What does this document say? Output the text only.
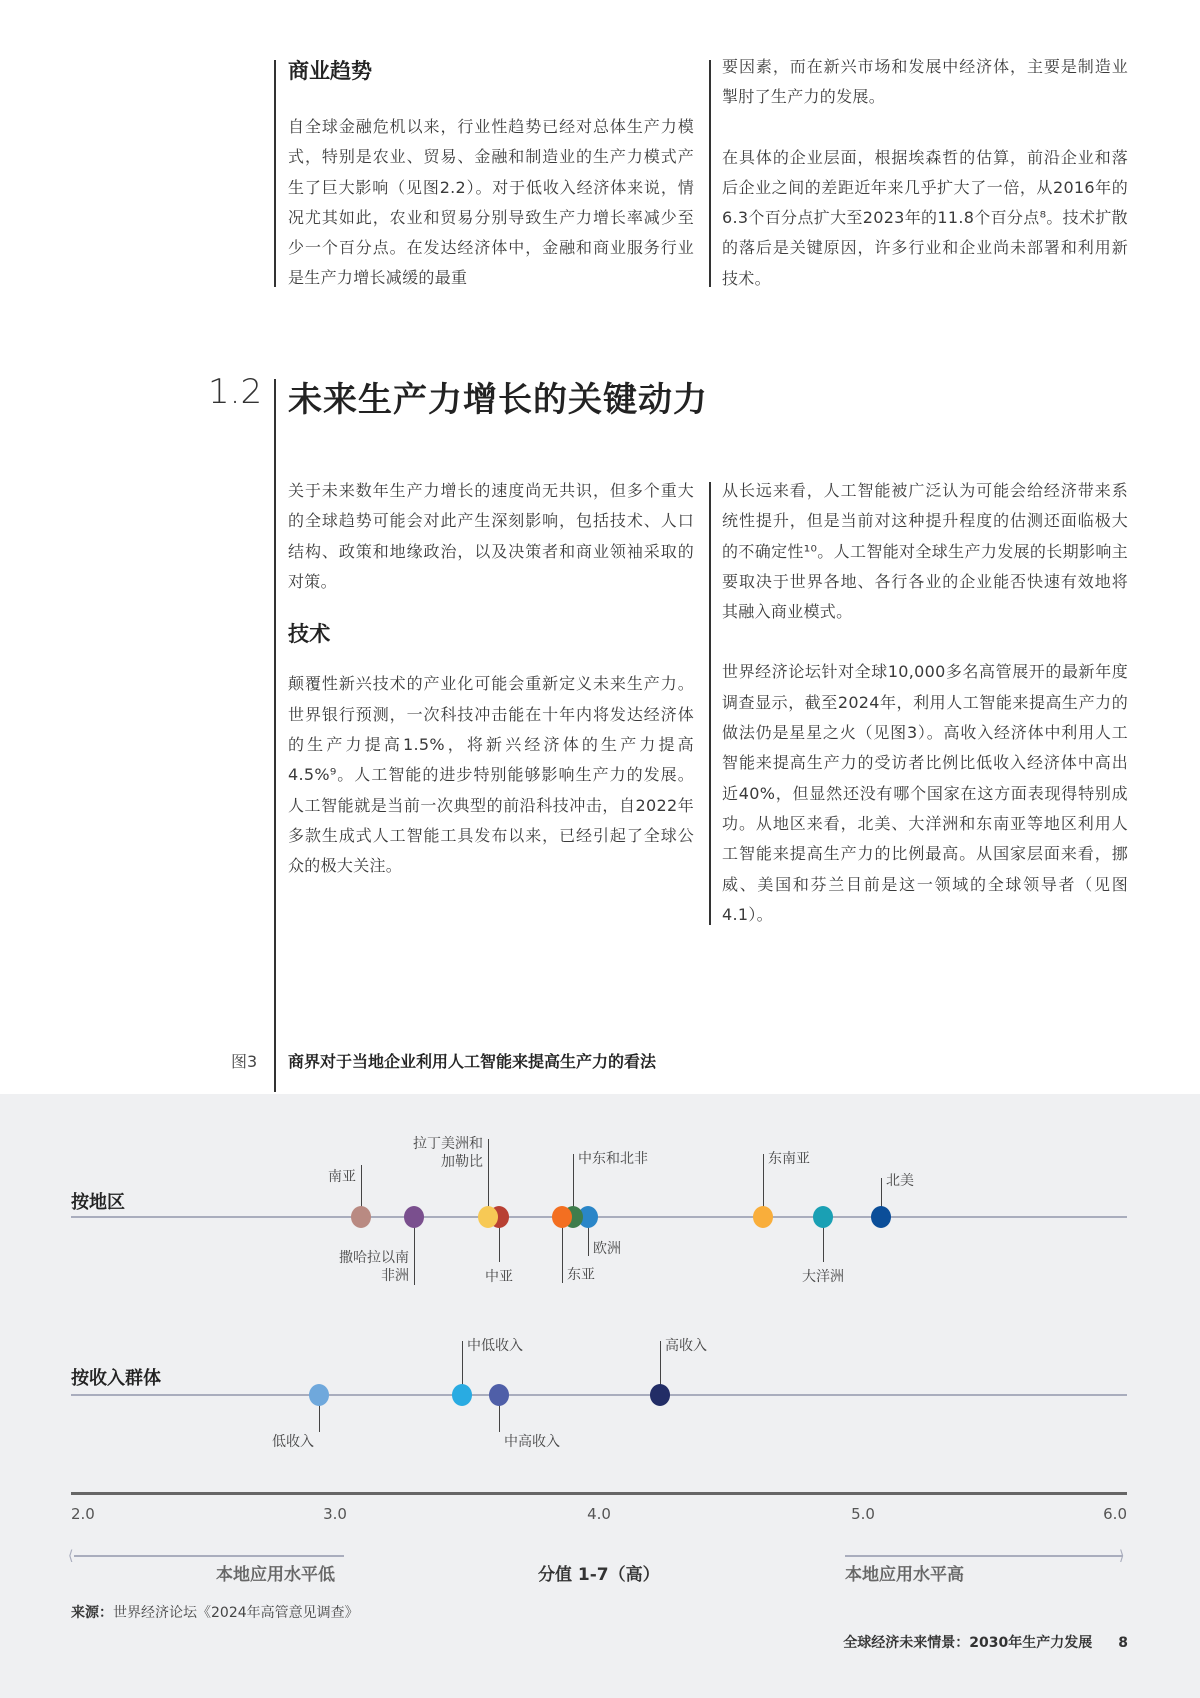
商业趋势

自全球金融危机以来，行业性趋势已经对总体生产力模式，特别是农业、贸易、金融和制造业的生产力模式产生了巨大影响（见图2.2）。对于低收入经济体来说，情况尤其如此，农业和贸易分别导致生产力增长率减少至少一个百分点。在发达经济体中，金融和商业服务行业是生产力增长减缓的最重

要因素，而在新兴市场和发展中经济体，主要是制造业掣肘了生产力的发展。

在具体的企业层面，根据埃森哲的估算，前沿企业和落后企业之间的差距近年来几乎扩大了一倍，从2016年的6.3个百分点扩大至2023年的11.8个百分点⁸。技术扩散的落后是关键原因，许多行业和企业尚未部署和利用新技术。

1.2 未来生产力增长的关键动力

关于未来数年生产力增长的速度尚无共识，但多个重大的全球趋势可能会对此产生深刻影响，包括技术、人口结构、政策和地缘政治，以及决策者和商业领袖采取的对策。

技术

颠覆性新兴技术的产业化可能会重新定义未来生产力。世界银行预测，一次科技冲击能在十年内将发达经济体的生产力提高1.5%，将新兴经济体的生产力提高4.5%⁹。人工智能的进步特别能够影响生产力的发展。人工智能就是当前一次典型的前沿科技冲击，自2022年多款生成式人工智能工具发布以来，已经引起了全球公众的极大关注。

从长远来看，人工智能被广泛认为可能会给经济带来系统性提升，但是当前对这种提升程度的估测还面临极大的不确定性¹⁰。人工智能对全球生产力发展的长期影响主要取决于世界各地、各行各业的企业能否快速有效地将其融入商业模式。

世界经济论坛针对全球10,000多名高管展开的最新年度调查显示，截至2024年，利用人工智能来提高生产力的做法仍是星星之火（见图3）。高收入经济体中利用人工智能来提高生产力的受访者比例比低收入经济体中高出近40%，但显然还没有哪个国家在这方面表现得特别成功。从地区来看，北美、大洋洲和东南亚等地区利用人工智能来提高生产力的比例最高。从国家层面来看，挪威、美国和芬兰目前是这一领域的全球领导者（见图4.1）。

图3 商界对于当地企业利用人工智能来提高生产力的看法
按地区
南亚
撒哈拉以南
非洲	中亚
拉丁美洲和
加勒比
欧洲
中东和北非
东亚
东南亚
大洋洲
北美
按收入群体
低收入
中低收入
中高收入
高收入
2.0	3.0	4.0	5.0	6.0
⟨
本地应用水平低	分值 1-7（高）
⟩
本地应用水平高
来源：世界经济论坛《2024年高管意见调查》
全球经济未来情景：2030年生产力发展 8
